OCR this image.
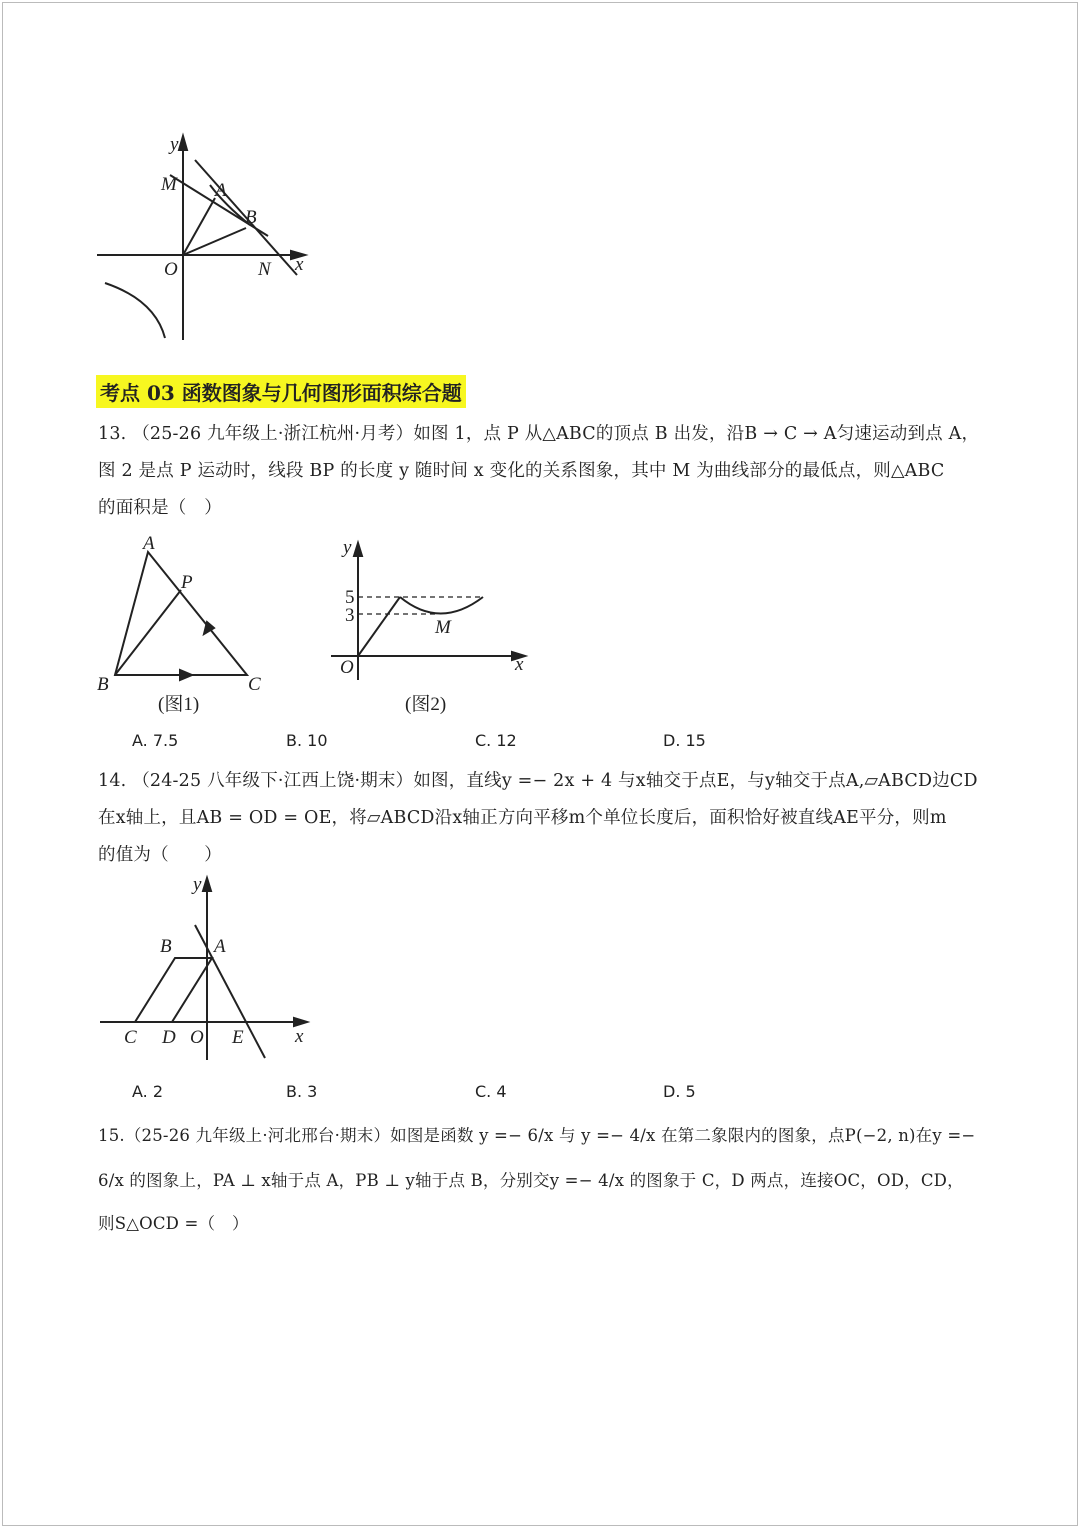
y
M A
B
O	N x
A
P
B	C
(图1)
y
x
O
M
5
3
(图2)
y
x
B A
C D O E
考点 03 函数图象与几何图形面积综合题
13. （25-26 九年级上·浙江杭州·月考）如图 1，点 P 从△ABC的顶点 B 出发，沿B → C → A匀速运动到点 A，
图 2 是点 P 运动时，线段 BP 的长度 y 随时间 x 变化的关系图象，其中 M 为曲线部分的最低点，则△ABC
的面积是（　）
A. 7.5	B. 10	C. 12	D. 15
14. （24-25 八年级下·江西上饶·期末）如图，直线y =− 2x + 4 与x轴交于点E，与y轴交于点A,▱ABCD边CD
在x轴上，且AB = OD = OE，将▱ABCD沿x轴正方向平移m个单位长度后，面积恰好被直线AE平分，则m
的值为（　　）
A. 2	B. 3	C. 4	D. 5
15.（25-26 九年级上·河北邢台·期末）如图是函数 y =− 6/x 与 y =− 4/x 在第二象限内的图象，点P(−2, n)在y =−
6/x 的图象上，PA ⊥ x轴于点 A，PB ⊥ y轴于点 B，分别交y =− 4/x 的图象于 C，D 两点，连接OC，OD，CD，
则S△OCD =（　）
